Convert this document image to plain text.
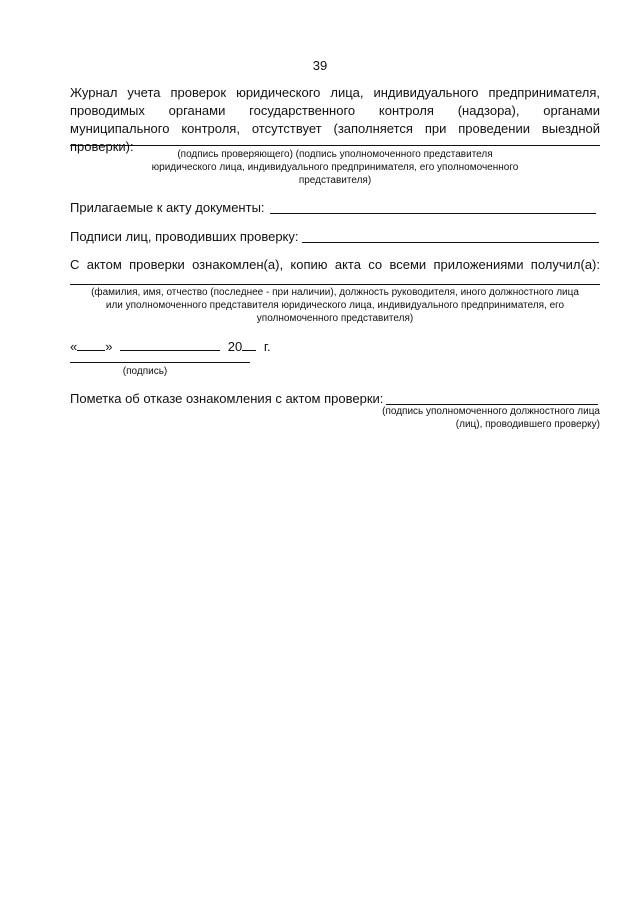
39
Журнал учета проверок юридического лица, индивидуального предпринимателя, проводимых органами государственного контроля (надзора), органами муниципального контроля, отсутствует (заполняется при проведении выездной проверки):
(подпись проверяющего) (подпись уполномоченного представителя
юридического лица, индивидуального предпринимателя, его уполномоченного
представителя)
Прилагаемые к акту документы:
Подписи лиц, проводивших проверку:
С актом проверки ознакомлен(а), копию акта со всеми приложениями получил(а):
(фамилия, имя, отчество (последнее - при наличии), должность руководителя, иного должностного лица
или уполномоченного представителя юридического лица, индивидуального предпринимателя, его
уполномоченного представителя)
« »	20 г.
(подпись)
Пометка об отказе ознакомления с актом проверки:
(подпись уполномоченного должностного лица
(лиц), проводившего проверку)
